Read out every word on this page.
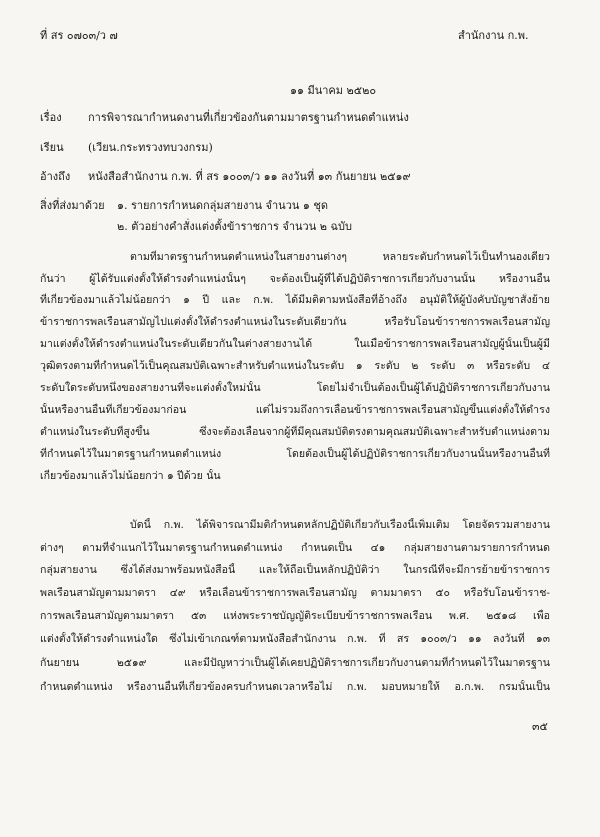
ที่ สร ๐๗๐๓/ว ๗	สำนักงาน ก.พ.
๑๑ มีนาคม ๒๕๒๐
เรื่อง การพิจารณากำหนดงานที่เกี่ยวข้องกันตามมาตรฐานกำหนดตำแหน่ง
เรียน (เวียน.กระทรวงทบวงกรม)
อ้างถึง หนังสือสำนักงาน ก.พ. ที่ สร ๑๐๐๓/ว ๑๑ ลงวันที่ ๑๓ กันยายน ๒๕๑๙
สิ่งที่ส่งมาด้วย ๑. รายการกำหนดกลุ่มสายงาน จำนวน ๑ ชุด
๒. ตัวอย่างคำสั่งแต่งตั้งข้าราชการ จำนวน ๒ ฉบับ
ตามที่มาตรฐานกำหนดตำแหน่งในสายงานต่างๆ หลายระดับกำหนดไว้เป็นทำนองเดียว
กันว่า ผู้ได้รับแต่งตั้งให้ดำรงตำแหน่งนั้นๆ จะต้องเป็นผู้ที่ได้ปฏิบัติราชการเกี่ยวกับงานนั้น หรืองานอื่น
ที่เกี่ยวข้องมาแล้วไม่น้อยกว่า ๑ ปี และ ก.พ. ได้มีมติตามหนังสือที่อ้างถึง อนุมัติให้ผู้บังคับบัญชาสั่งย้าย
ข้าราชการพลเรือนสามัญไปแต่งตั้งให้ดำรงตำแหน่งในระดับเดียวกัน หรือรับโอนข้าราชการพลเรือนสามัญ
มาแต่งตั้งให้ดำรงตำแหน่งในระดับเดียวกันในต่างสายงานได้ ในเมื่อข้าราชการพลเรือนสามัญผู้นั้นเป็นผู้มี
วุฒิตรงตามที่กำหนดไว้เป็นคุณสมบัติเฉพาะสำหรับตำแหน่งในระดับ ๑ ระดับ ๒ ระดับ ๓ หรือระดับ ๔
ระดับใดระดับหนึ่งของสายงานที่จะแต่งตั้งใหม่นั้น โดยไม่จำเป็นต้องเป็นผู้ได้ปฏิบัติราชการเกี่ยวกับงาน
นั้นหรืองานอื่นที่เกี่ยวข้องมาก่อน แต่ไม่รวมถึงการเลื่อนข้าราชการพลเรือนสามัญขึ้นแต่งตั้งให้ดำรง
ตำแหน่งในระดับที่สูงขึ้น ซึ่งจะต้องเลื่อนจากผู้ที่มีคุณสมบัติตรงตามคุณสมบัติเฉพาะสำหรับตำแหน่งตาม
ที่กำหนดไว้ในมาตรฐานกำหนดตำแหน่ง โดยต้องเป็นผู้ได้ปฏิบัติราชการเกี่ยวกับงานนั้นหรืองานอื่นที่
เกี่ยวข้องมาแล้วไม่น้อยกว่า ๑ ปีด้วย นั้น
บัดนี้ ก.พ. ได้พิจารณามีมติกำหนดหลักปฏิบัติเกี่ยวกับเรื่องนี้เพิ่มเติม โดยจัดรวมสายงาน
ต่างๆ ตามที่จำแนกไว้ในมาตรฐานกำหนดตำแหน่ง กำหนดเป็น ๔๑ กลุ่มสายงานตามรายการกำหนด
กลุ่มสายงาน ซึ่งได้ส่งมาพร้อมหนังสือนี้ และให้ถือเป็นหลักปฏิบัติว่า ในกรณีที่จะมีการย้ายข้าราชการ
พลเรือนสามัญตามมาตรา ๔๙ หรือเลื่อนข้าราชการพลเรือนสามัญ ตามมาตรา ๕๐ หรือรับโอนข้าราช-
การพลเรือนสามัญตามมาตรา ๕๓ แห่งพระราชบัญญัติระเบียบข้าราชการพลเรือน พ.ศ. ๒๕๑๘ เพื่อ
แต่งตั้งให้ดำรงตำแหน่งใด ซึ่งไม่เข้าเกณฑ์ตามหนังสือสำนักงาน ก.พ. ที่ สร ๑๐๐๓/ว ๑๑ ลงวันที่ ๑๓
กันยายน ๒๕๑๙ และมีปัญหาว่าเป็นผู้ได้เคยปฏิบัติราชการเกี่ยวกับงานตามที่กำหนดไว้ในมาตรฐาน
กำหนดตำแหน่ง หรืองานอื่นที่เกี่ยวข้องครบกำหนดเวลาหรือไม่ ก.พ. มอบหมายให้ อ.ก.พ. กรมนั้นเป็น
๓๕
